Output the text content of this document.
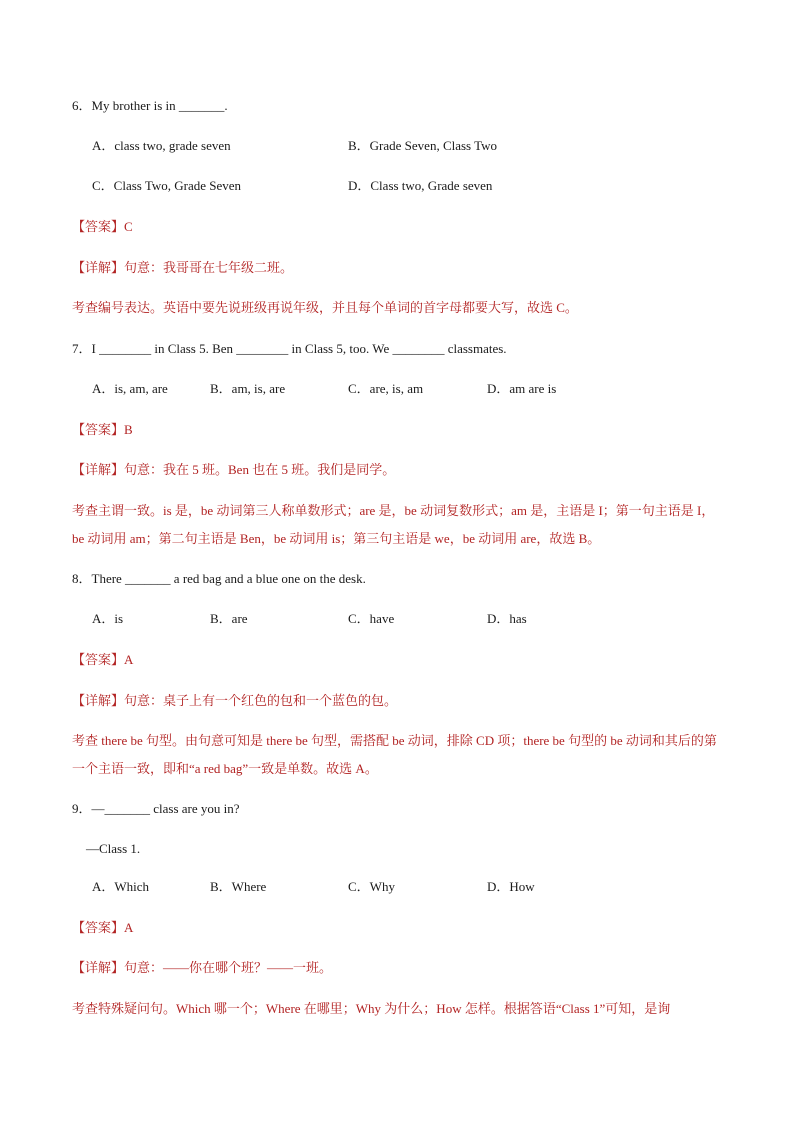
6．My brother is in _______.
A．class two, grade seven	B．Grade Seven, Class Two
C．Class Two, Grade Seven	D．Class two, Grade seven
【答案】C
【详解】句意：我哥哥在七年级二班。
考查编号表达。英语中要先说班级再说年级，并且每个单词的首字母都要大写，故选 C。
7．I ________ in Class 5. Ben ________ in Class 5, too. We ________ classmates.
A．is, am, are	B．am, is, are	C．are, is, am	D．am are is
【答案】B
【详解】句意：我在 5 班。Ben 也在 5 班。我们是同学。
考查主谓一致。is 是，be 动词第三人称单数形式；are 是，be 动词复数形式；am 是，主语是 I；第一句主语是 I，be 动词用 am；第二句主语是 Ben，be 动词用 is；第三句主语是 we，be 动词用 are，故选 B。
8．There _______ a red bag and a blue one on the desk.
A．is	B．are	C．have	D．has
【答案】A
【详解】句意：桌子上有一个红色的包和一个蓝色的包。
考查 there be 句型。由句意可知是 there be 句型，需搭配 be 动词，排除 CD 项；there be 句型的 be 动词和其后的第一个主语一致，即和“a red bag”一致是单数。故选 A。
9．—_______ class are you in?
—Class 1.
A．Which	B．Where	C．Why	D．How
【答案】A
【详解】句意：——你在哪个班？——一班。
考查特殊疑问句。Which 哪一个；Where 在哪里；Why 为什么；How 怎样。根据答语“Class 1”可知，是询
